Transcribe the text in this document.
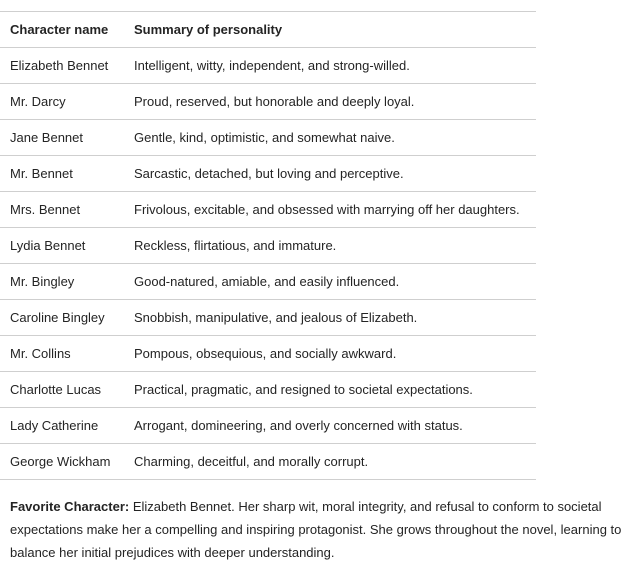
Character name	Summary of personality
Elizabeth Bennet	Intelligent, witty, independent, and strong-willed.
Mr. Darcy	Proud, reserved, but honorable and deeply loyal.
Jane Bennet	Gentle, kind, optimistic, and somewhat naive.
Mr. Bennet	Sarcastic, detached, but loving and perceptive.
Mrs. Bennet	Frivolous, excitable, and obsessed with marrying off her daughters.
Lydia Bennet	Reckless, flirtatious, and immature.
Mr. Bingley	Good-natured, amiable, and easily influenced.
Caroline Bingley	Snobbish, manipulative, and jealous of Elizabeth.
Mr. Collins	Pompous, obsequious, and socially awkward.
Charlotte Lucas	Practical, pragmatic, and resigned to societal expectations.
Lady Catherine	Arrogant, domineering, and overly concerned with status.
George Wickham	Charming, deceitful, and morally corrupt.

Favorite Character: Elizabeth Bennet. Her sharp wit, moral integrity, and refusal to conform to societal expectations make her a compelling and inspiring protagonist. She grows throughout the novel, learning to balance her initial prejudices with deeper understanding.
